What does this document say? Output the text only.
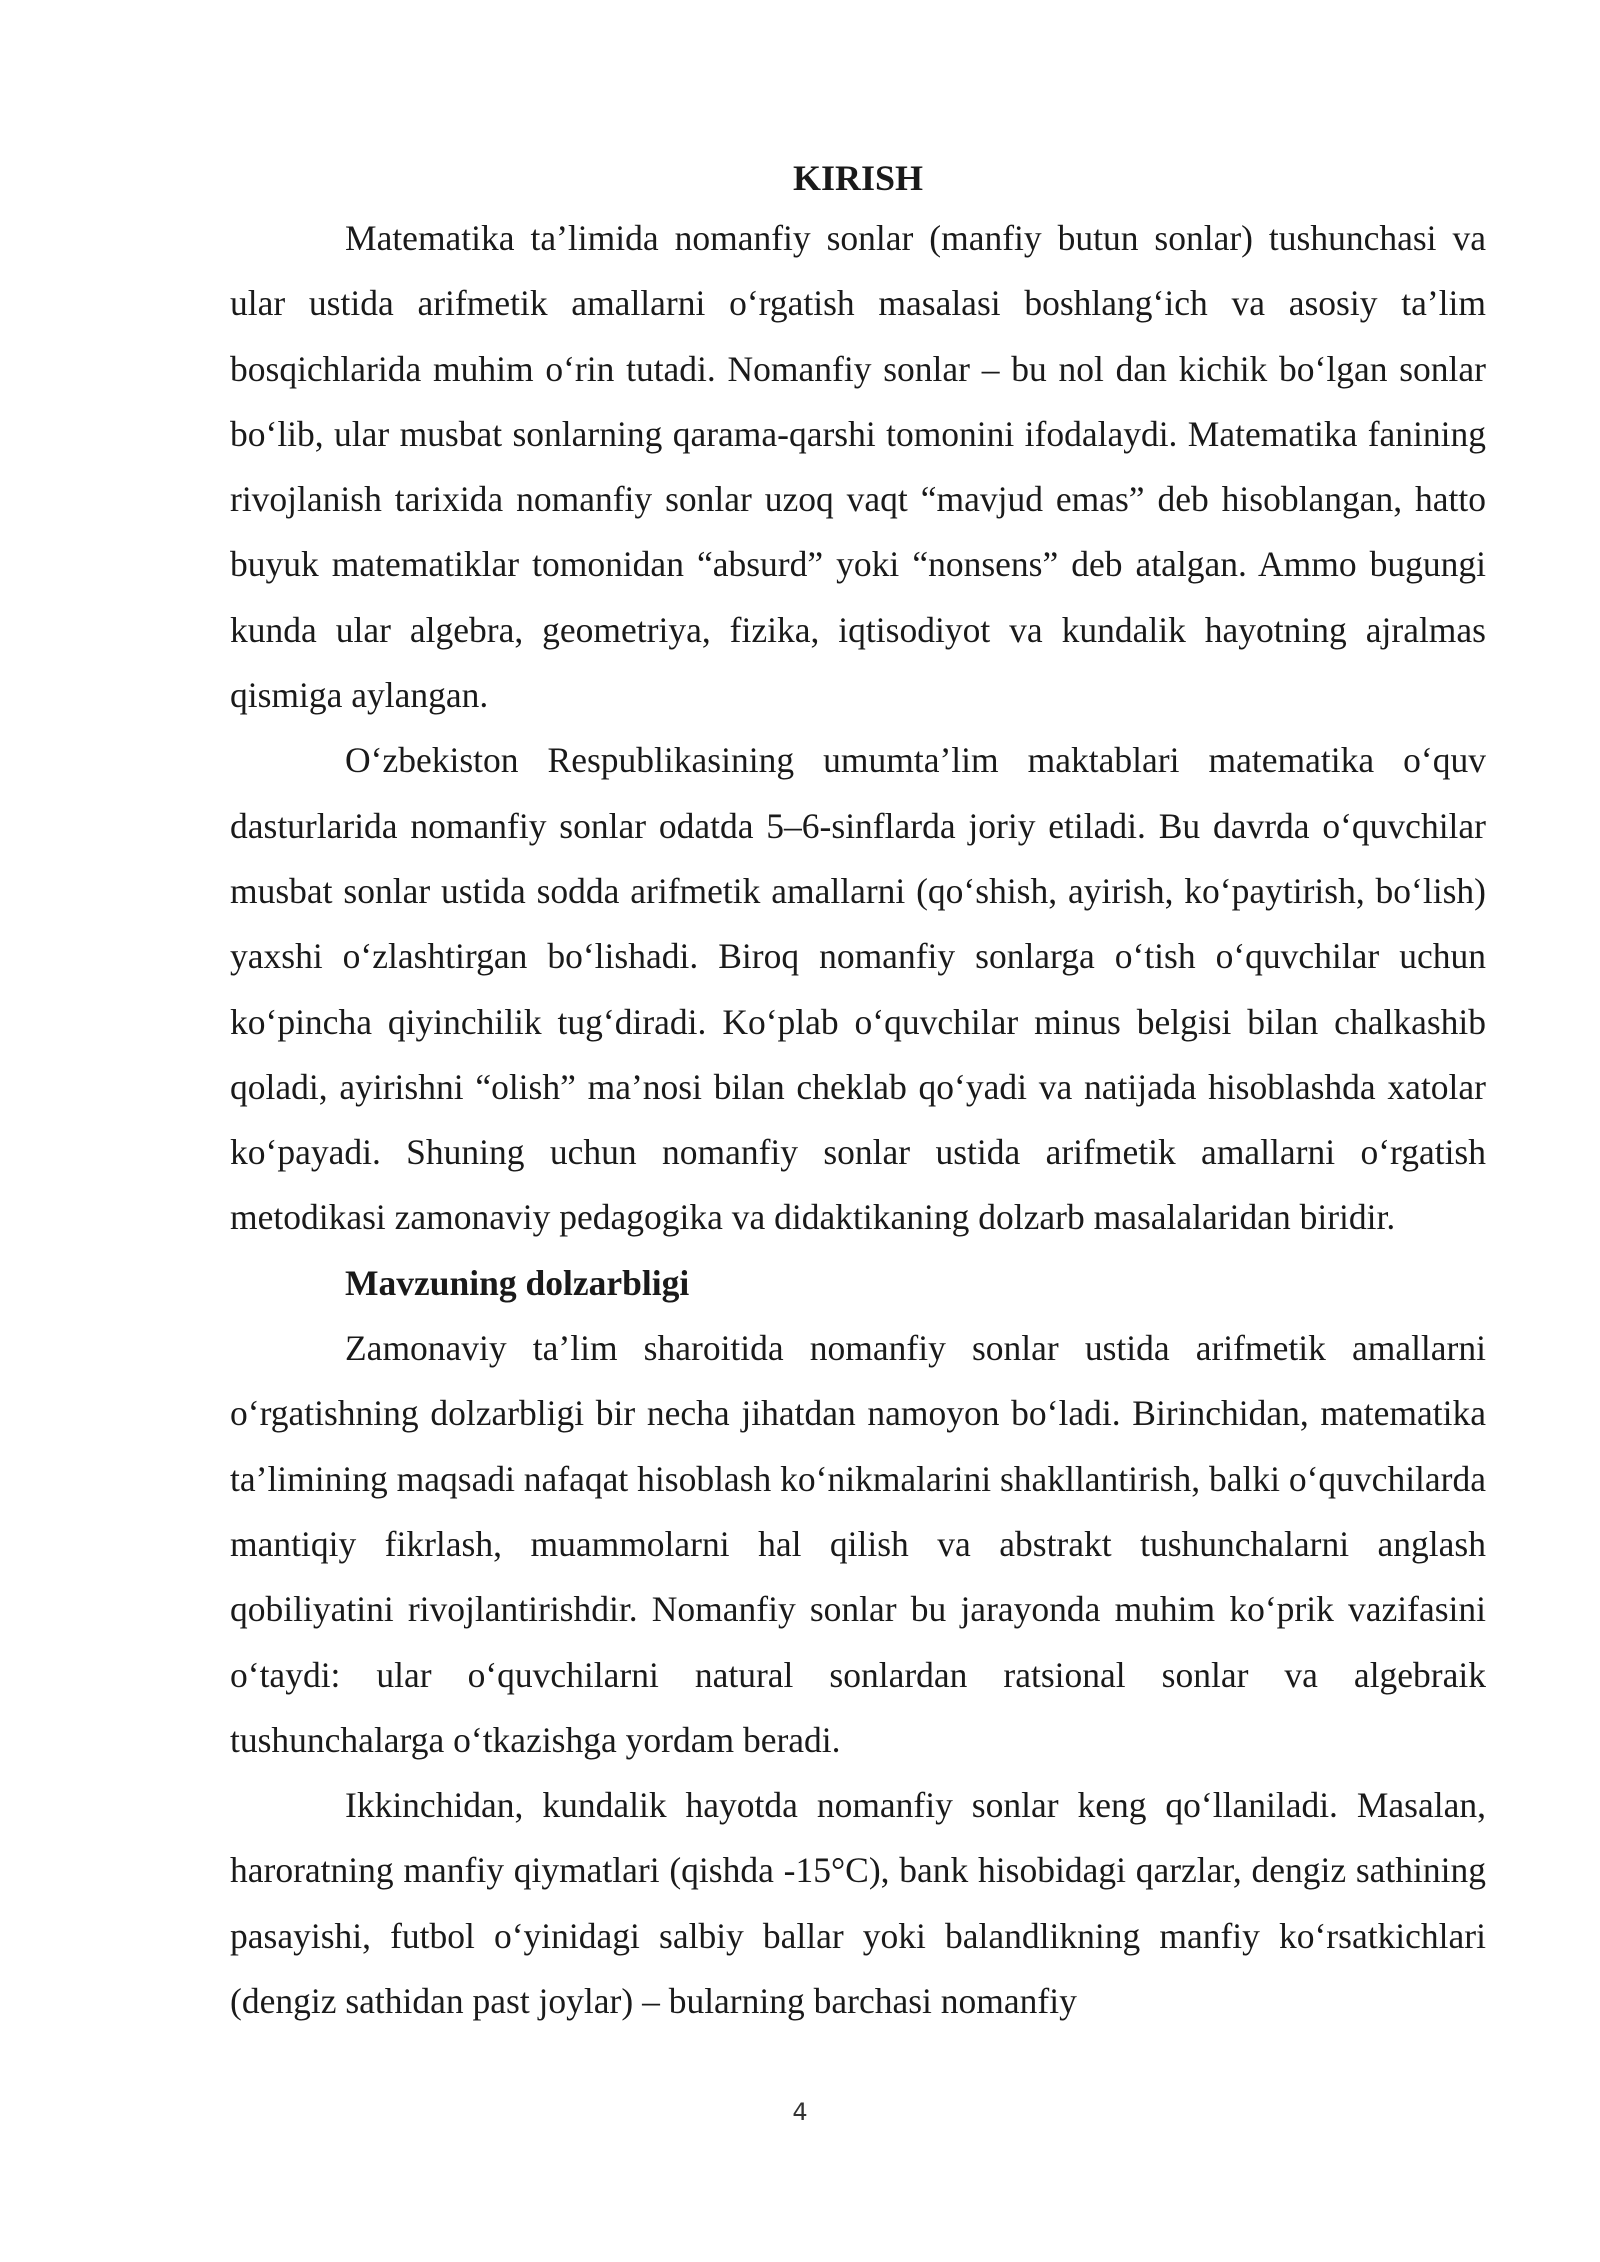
KIRISH

Matematika ta’limida nomanfiy sonlar (manfiy butun sonlar) tushunchasi va ular ustida arifmetik amallarni o‘rgatish masalasi boshlang‘ich va asosiy ta’lim bosqichlarida muhim o‘rin tutadi. Nomanfiy sonlar – bu nol dan kichik bo‘lgan sonlar bo‘lib, ular musbat sonlarning qarama-qarshi tomonini ifodalaydi. Matematika fanining rivojlanish tarixida nomanfiy sonlar uzoq vaqt “mavjud emas” deb hisoblangan, hatto buyuk matematiklar tomonidan “absurd” yoki “nonsens” deb atalgan. Ammo bugungi kunda ular algebra, geometriya, fizika, iqtisodiyot va kundalik hayotning ajralmas qismiga aylangan.

O‘zbekiston Respublikasining umumta’lim maktablari matematika o‘quv dasturlarida nomanfiy sonlar odatda 5–6-sinflarda joriy etiladi. Bu davrda o‘quvchilar musbat sonlar ustida sodda arifmetik amallarni (qo‘shish, ayirish, ko‘paytirish, bo‘lish) yaxshi o‘zlashtirgan bo‘lishadi. Biroq nomanfiy sonlarga o‘tish o‘quvchilar uchun ko‘pincha qiyinchilik tug‘diradi. Ko‘plab o‘quvchilar minus belgisi bilan chalkashib qoladi, ayirishni “olish” ma’nosi bilan cheklab qo‘yadi va natijada hisoblashda xatolar ko‘payadi. Shuning uchun nomanfiy sonlar ustida arifmetik amallarni o‘rgatish metodikasi zamonaviy pedagogika va didaktikaning dolzarb masalalaridan biridir.

Mavzuning dolzarbligi

Zamonaviy ta’lim sharoitida nomanfiy sonlar ustida arifmetik amallarni o‘rgatishning dolzarbligi bir necha jihatdan namoyon bo‘ladi. Birinchidan, matematika ta’limining maqsadi nafaqat hisoblash ko‘nikmalarini shakllantirish, balki o‘quvchilarda mantiqiy fikrlash, muammolarni hal qilish va abstrakt tushunchalarni anglash qobiliyatini rivojlantirishdir. Nomanfiy sonlar bu jarayonda muhim ko‘prik vazifasini o‘taydi: ular o‘quvchilarni natural sonlardan ratsional sonlar va algebraik tushunchalarga o‘tkazishga yordam beradi.

Ikkinchidan, kundalik hayotda nomanfiy sonlar keng qo‘llaniladi. Masalan, haroratning manfiy qiymatlari (qishda -15°C), bank hisobidagi qarzlar, dengiz sathining pasayishi, futbol o‘yinidagi salbiy ballar yoki balandlikning manfiy ko‘rsatkichlari (dengiz sathidan past joylar) – bularning barchasi nomanfiy

4
